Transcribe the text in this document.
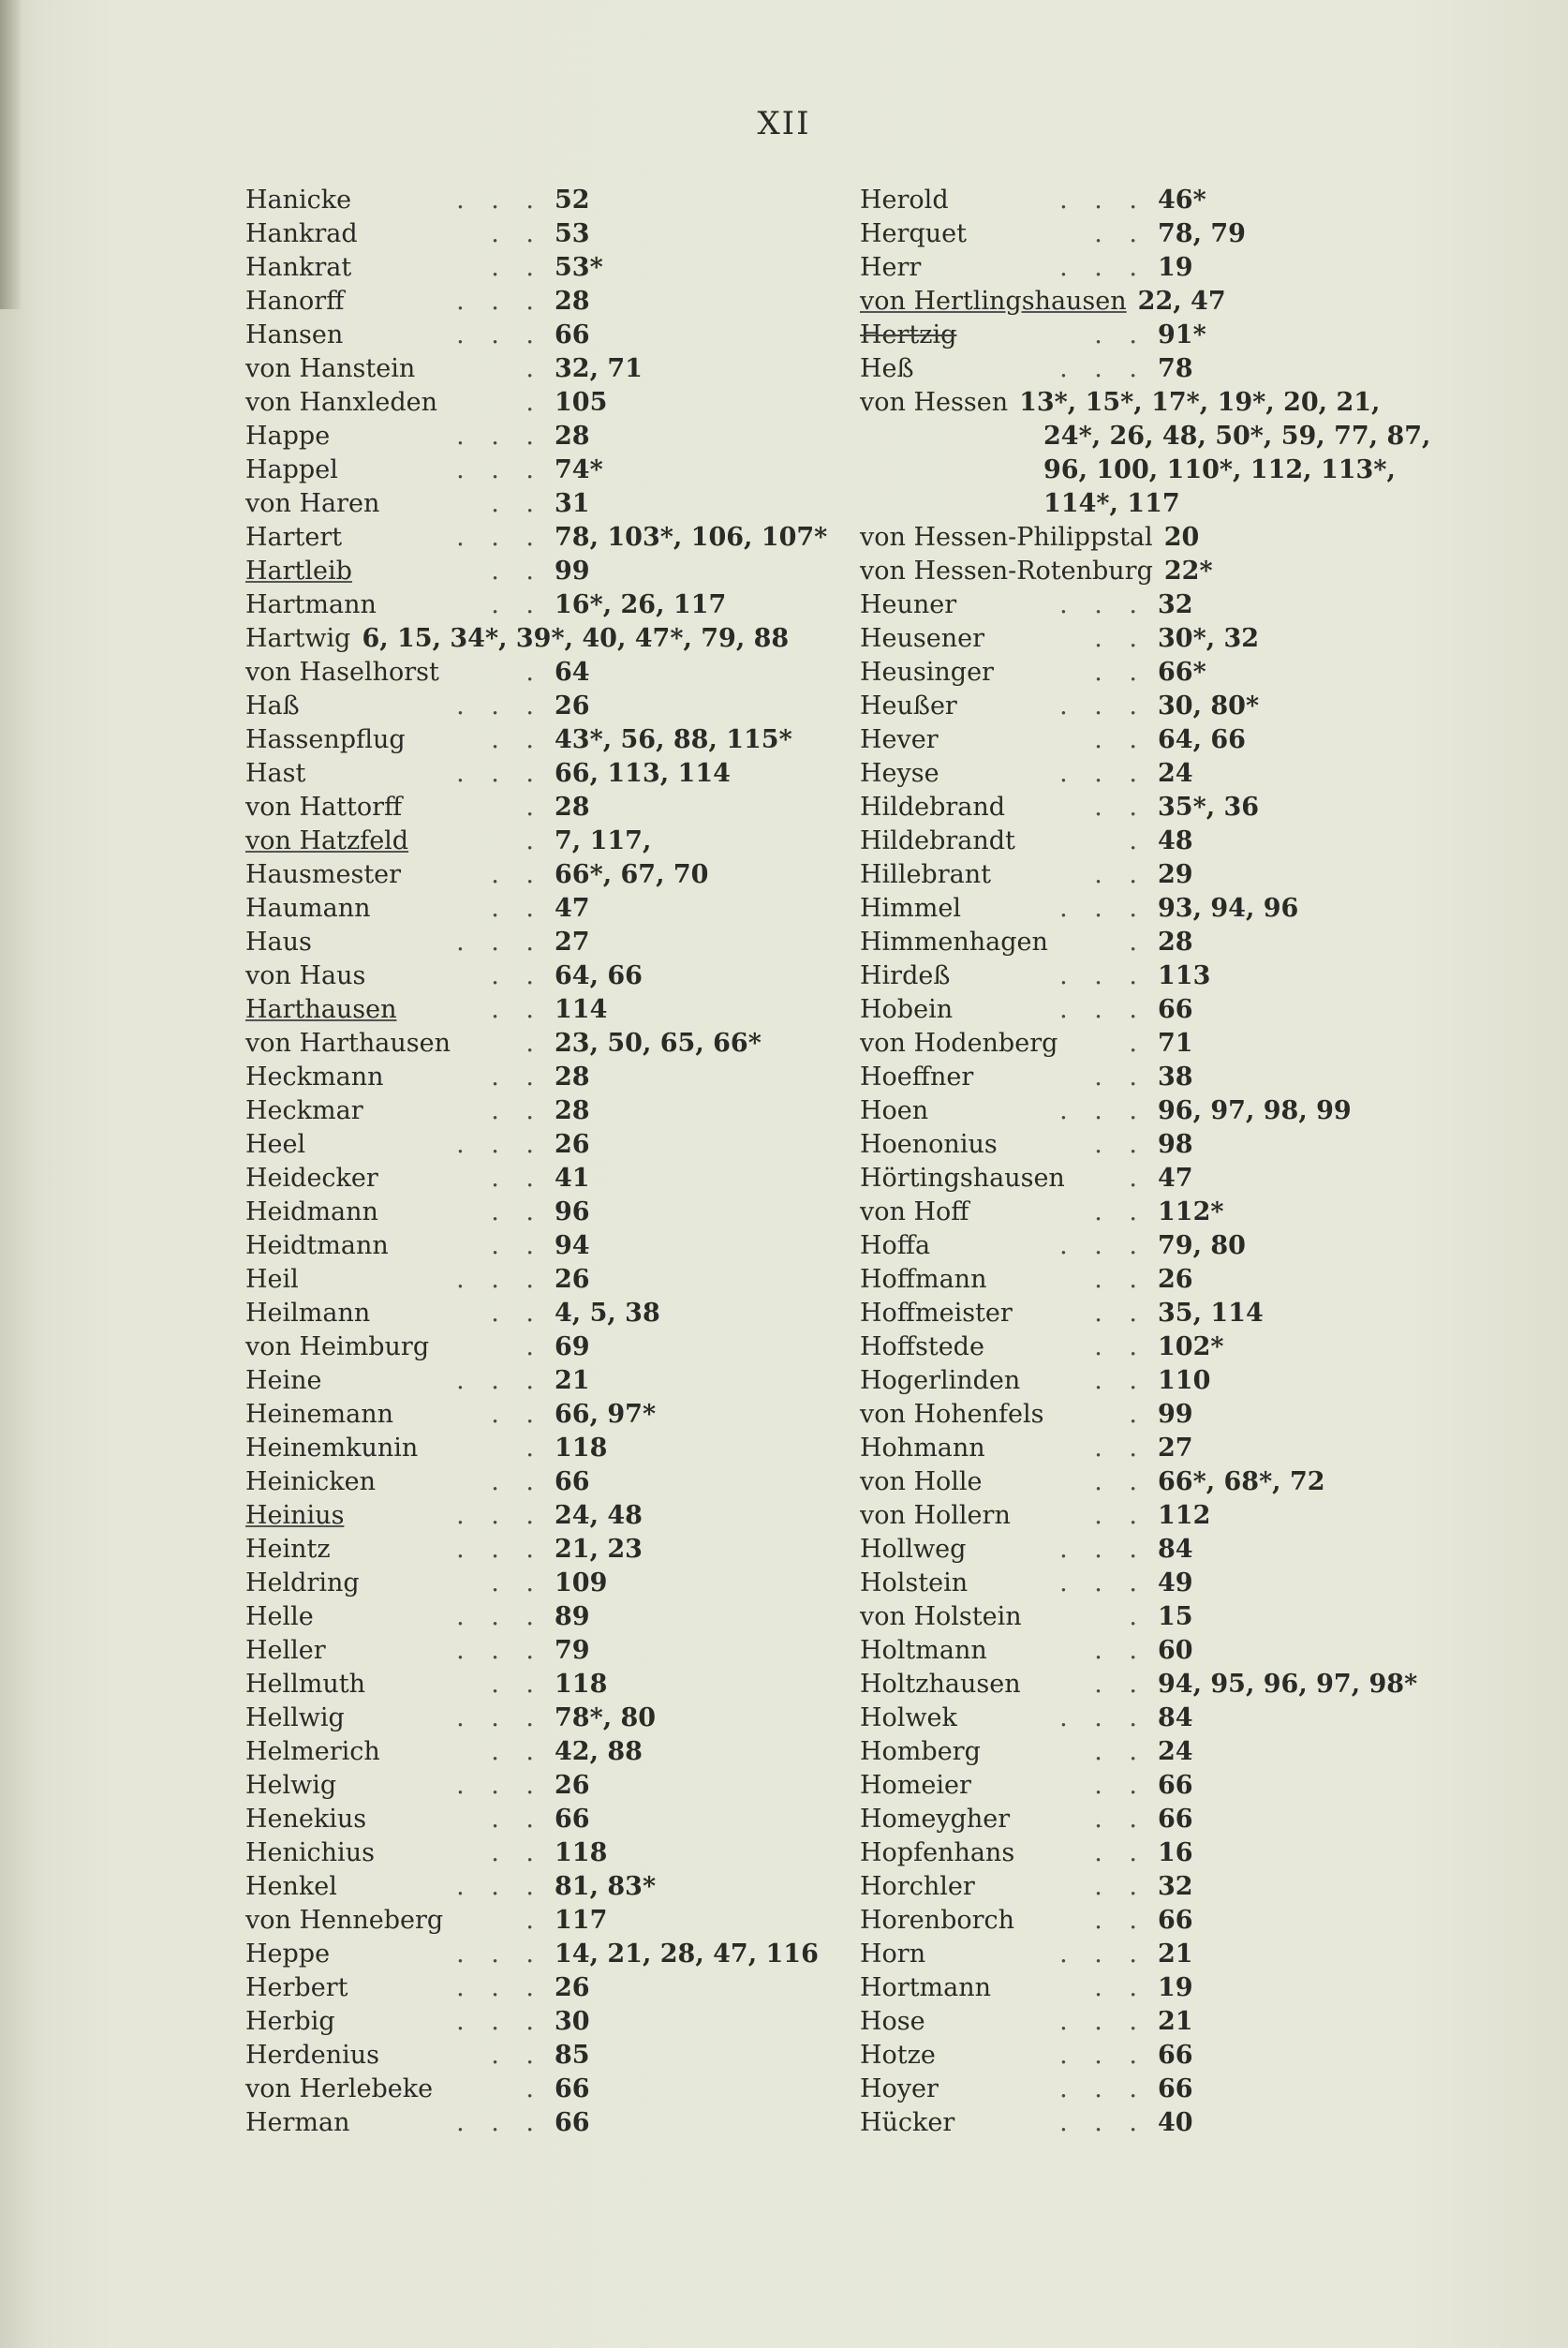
XII
Hanicke	. . . 52
Hankrad	. . 53
Hankrat	. . 53*
Hanorff	. . . 28
Hansen	. . . 66
von Hanstein	. 32, 71
von Hanxleden	. 105
Happe	. . . 28
Happel	. . . 74*
von Haren	. . 31
Hartert	. . . 78, 103*, 106, 107*
Hartleib	. . 99
Hartmann	. . 16*, 26, 117
Hartwig 6, 15, 34*, 39*, 40, 47*, 79, 88
von Haselhorst	. 64
Haß	. . . 26
Hassenpflug	. . 43*, 56, 88, 115*
Hast	. . . 66, 113, 114
von Hattorff	. 28
von Hatzfeld	. 7, 117,
Hausmester	. . 66*, 67, 70
Haumann	. . 47
Haus	. . . 27
von Haus	. . 64, 66
Harthausen	. . 114
von Harthausen	. 23, 50, 65, 66*
Heckmann	. . 28
Heckmar	. . 28
Heel	. . . 26
Heidecker	. . 41
Heidmann	. . 96
Heidtmann	. . 94
Heil	. . . 26
Heilmann	. . 4, 5, 38
von Heimburg	. 69
Heine	. . . 21
Heinemann	. . 66, 97*
Heinemkunin	. 118
Heinicken	. . 66
Heinius	. . . 24, 48
Heintz	. . . 21, 23
Heldring	. . 109
Helle	. . . 89
Heller	. . . 79
Hellmuth	. . 118
Hellwig	. . . 78*, 80
Helmerich	. . 42, 88
Helwig	. . . 26
Henekius	. . 66
Henichius	. . 118
Henkel	. . . 81, 83*
von Henneberg	. 117
Heppe	. . . 14, 21, 28, 47, 116
Herbert	. . . 26
Herbig	. . . 30
Herdenius	. . 85
von Herlebeke	. 66
Herman	. . . 66
Herold	. . . 46*
Herquet	. . 78, 79
Herr	. . . 19
von Hertlingshausen 22, 47
Hertzig	. . 91*
Heß	. . . 78
von Hessen 13*, 15*, 17*, 19*, 20, 21,
24*, 26, 48, 50*, 59, 77, 87,
96, 100, 110*, 112, 113*,
114*, 117
von Hessen-Philippstal 20
von Hessen-Rotenburg 22*
Heuner	. . . 32
Heusener	. . 30*, 32
Heusinger	. . 66*
Heußer	. . . 30, 80*
Hever	. . 64, 66
Heyse	. . . 24
Hildebrand	. . 35*, 36
Hildebrandt	. 48
Hillebrant	. . 29
Himmel	. . . 93, 94, 96
Himmenhagen	. 28
Hirdeß	. . . 113
Hobein	. . . 66
von Hodenberg	. 71
Hoeffner	. . 38
Hoen	. . . 96, 97, 98, 99
Hoenonius	. . 98
Hörtingshausen	. 47
von Hoff	. . 112*
Hoffa	. . . 79, 80
Hoffmann	. . 26
Hoffmeister	. . 35, 114
Hoffstede	. . 102*
Hogerlinden	. . 110
von Hohenfels	. 99
Hohmann	. . 27
von Holle	. . 66*, 68*, 72
von Hollern	. . 112
Hollweg	. . . 84
Holstein	. . . 49
von Holstein	. 15
Holtmann	. . 60
Holtzhausen	. . 94, 95, 96, 97, 98*
Holwek	. . . 84
Homberg	. . 24
Homeier	. . 66
Homeygher	. . 66
Hopfenhans	. . 16
Horchler	. . 32
Horenborch	. . 66
Horn	. . . 21
Hortmann	. . 19
Hose	. . . 21
Hotze	. . . 66
Hoyer	. . . 66
Hücker	. . . 40
